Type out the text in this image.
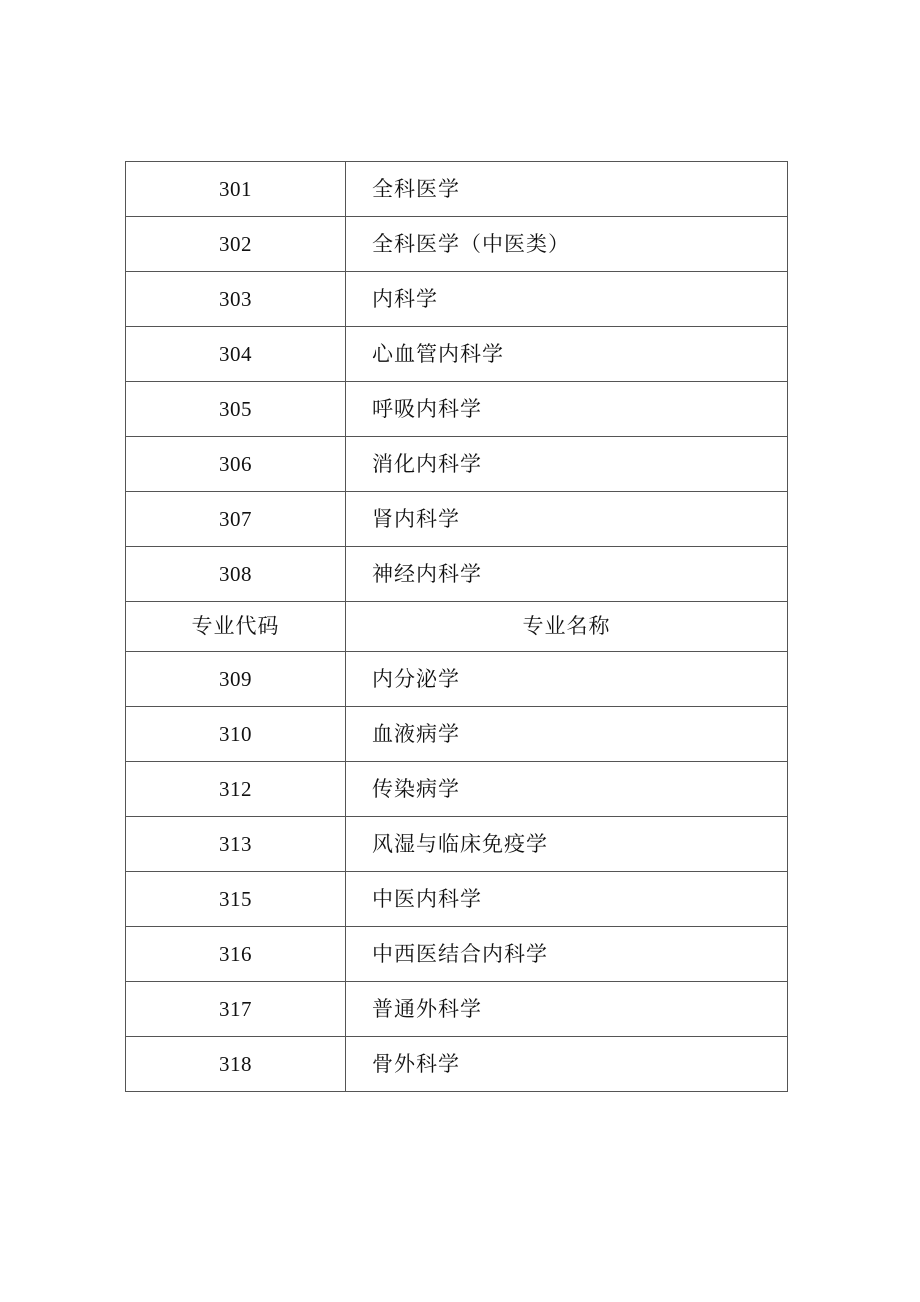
301	全科医学
302	全科医学（中医类）
303	内科学
304	心血管内科学
305	呼吸内科学
306	消化内科学
307	肾内科学
308	神经内科学
专业代码	专业名称
309	内分泌学
310	血液病学
312	传染病学
313	风湿与临床免疫学
315	中医内科学
316	中西医结合内科学
317	普通外科学
318	骨外科学
